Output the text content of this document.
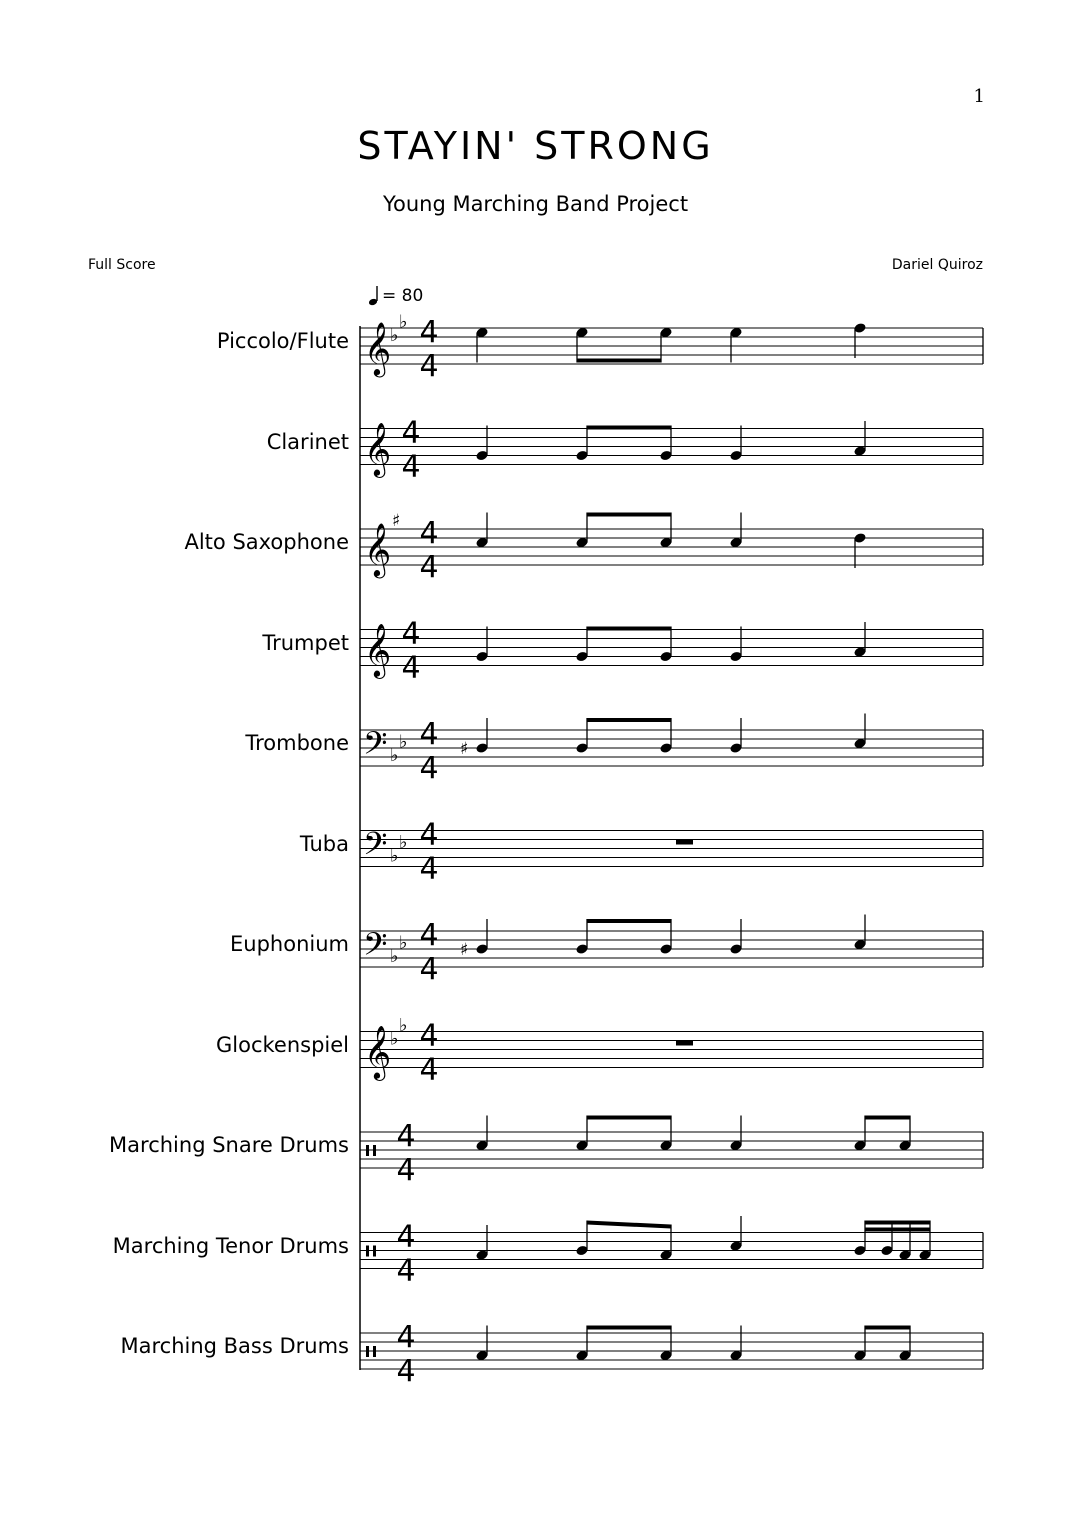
1
STAYIN' STRONG
Young Marching Band Project
Full Score	Dariel Quiroz
= 80
𝄞
♭
♭ 4
4
𝄞 4
4
𝄞
♯ 4
4
𝄞 4
4
𝄢 ♭
♭ 4
4
♯
𝄢 ♭
♭ 4
4
𝄢 ♭
♭ 4
4
♯
𝄞
♭
♭ 4
4
4
4
4
4
4
4
Piccolo/Flute
Clarinet
Alto Saxophone
Trumpet
Trombone
Tuba
Euphonium
Glockenspiel
Marching Snare Drums
Marching Tenor Drums
Marching Bass Drums
